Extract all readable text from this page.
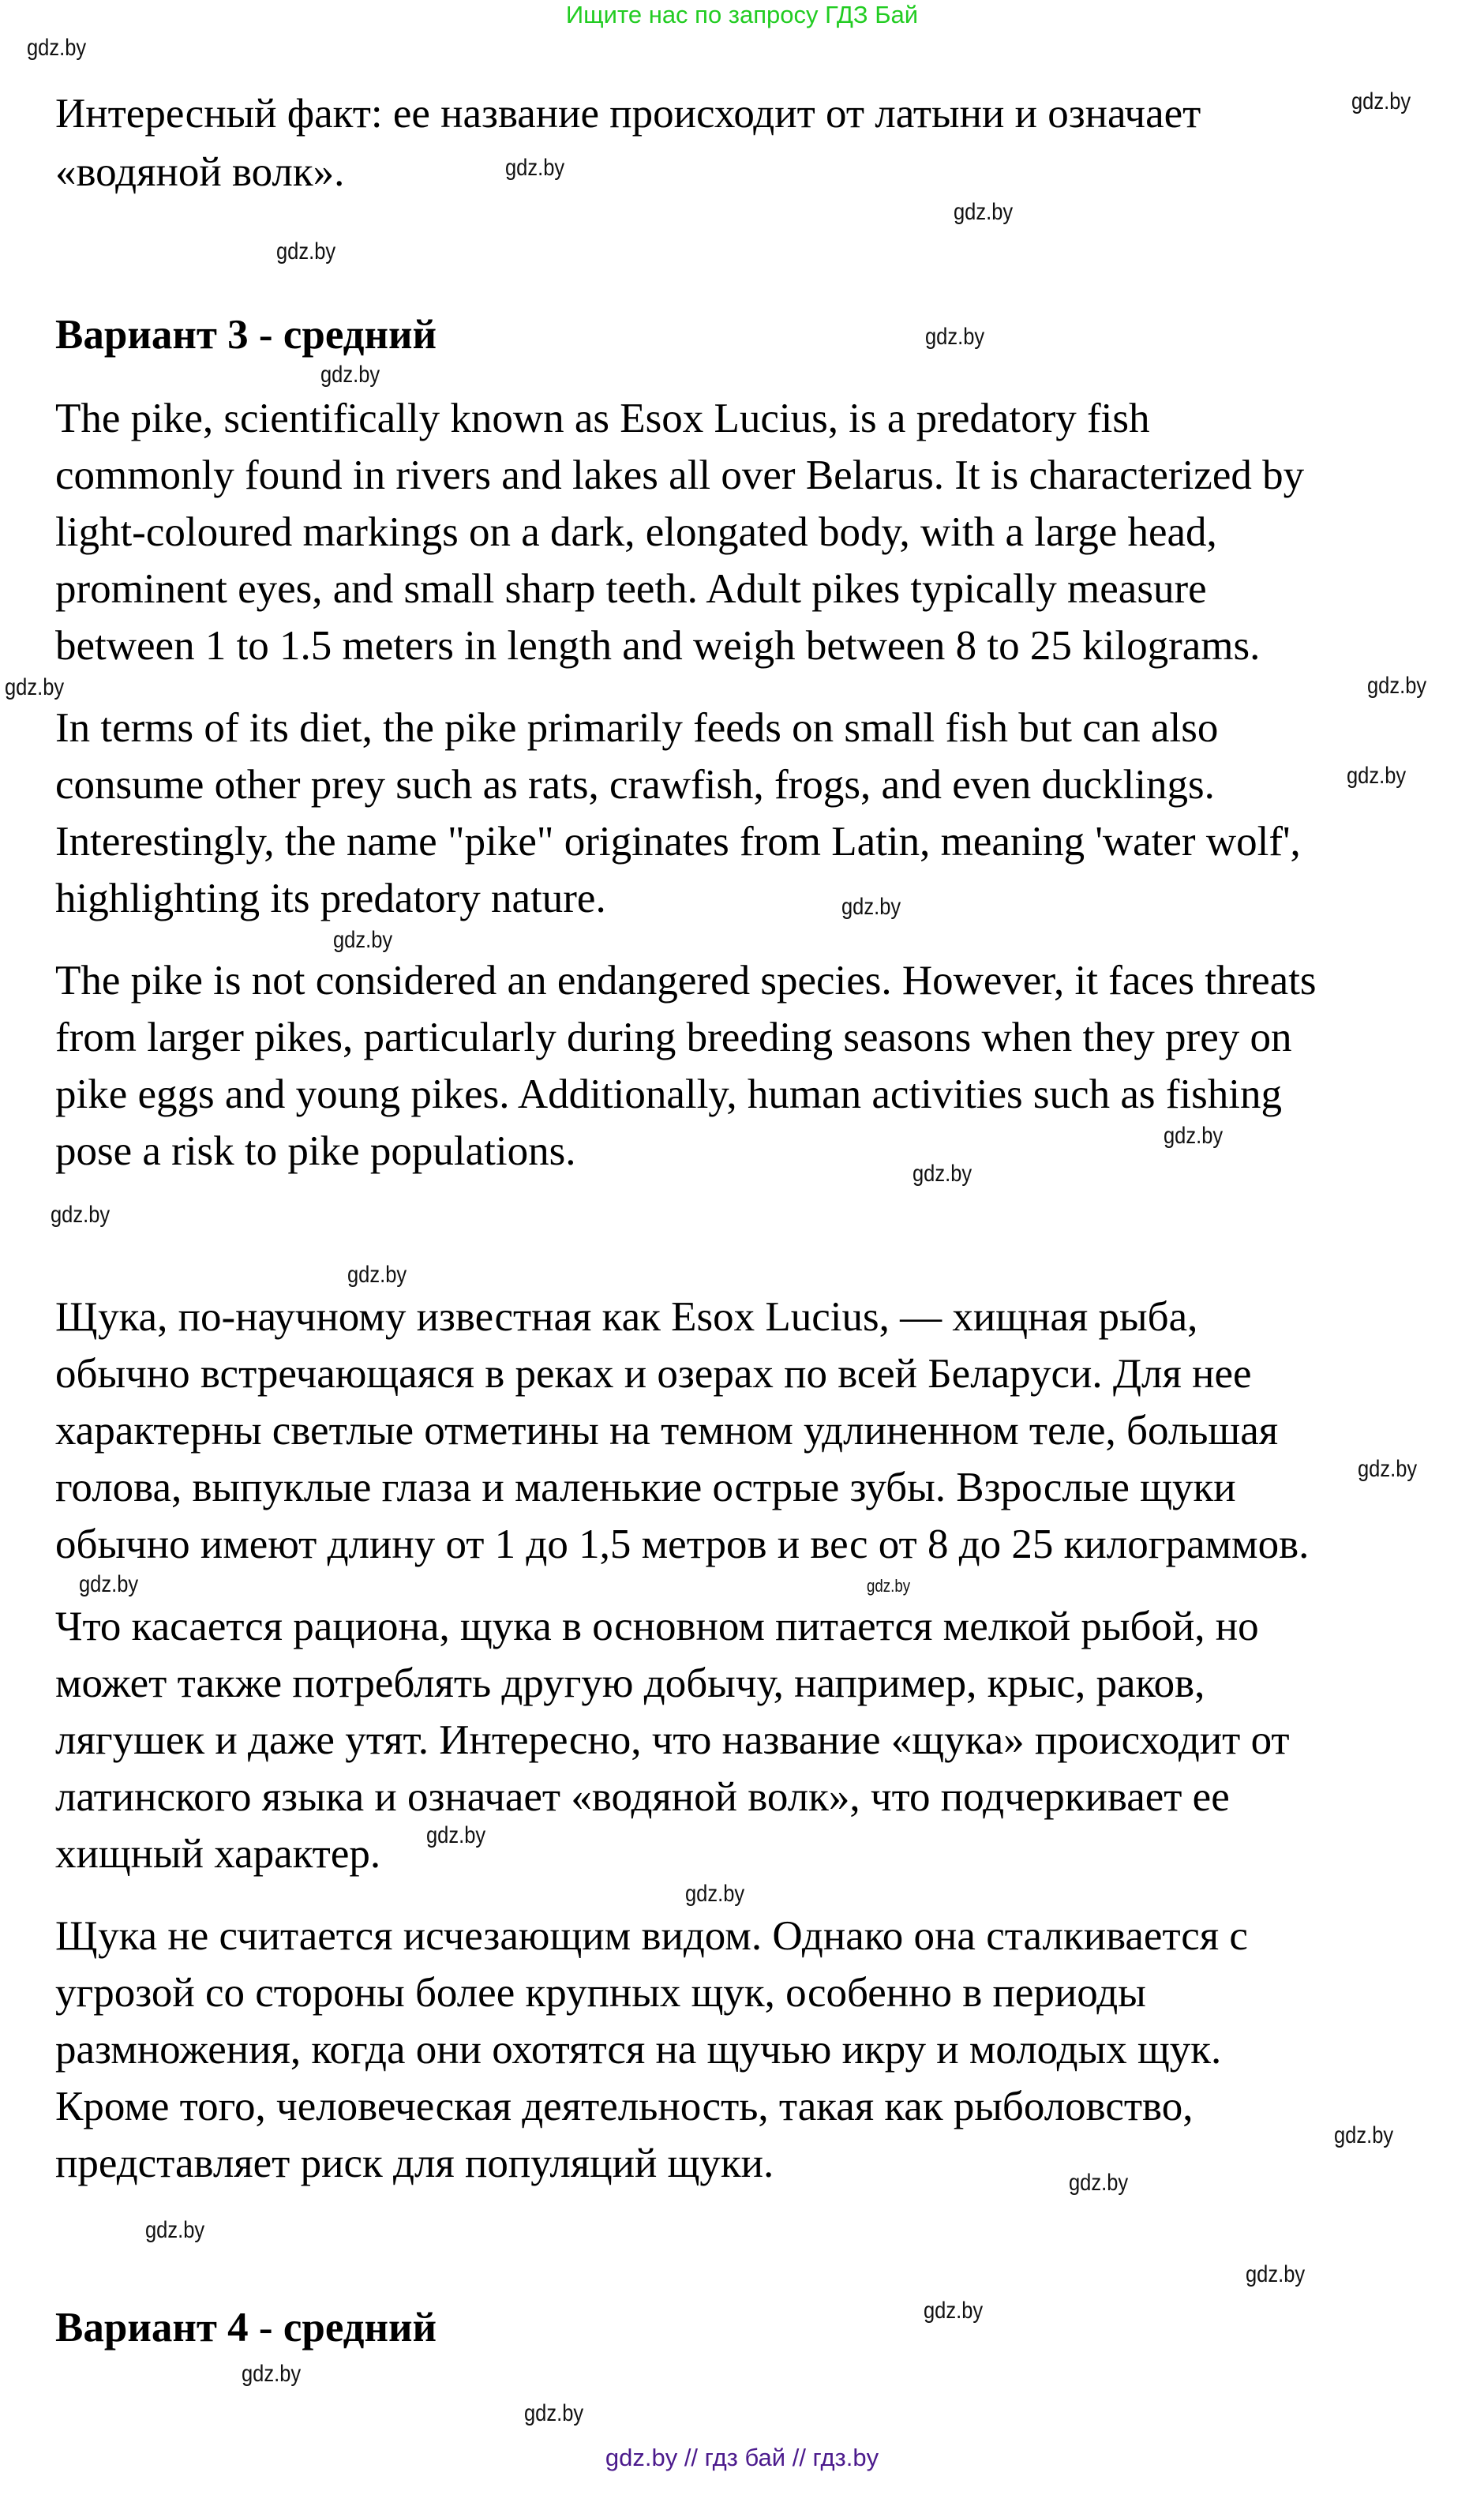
Ищите нас по запросу ГДЗ Бай
Интересный факт: ее название происходит от латыни и означает
«водяной волк».
Вариант 3 - средний
The pike, scientifically known as Esox Lucius, is a predatory fish
commonly found in rivers and lakes all over Belarus. It is characterized by
light-coloured markings on a dark, elongated body, with a large head,
prominent eyes, and small sharp teeth. Adult pikes typically measure
between 1 to 1.5 meters in length and weigh between 8 to 25 kilograms.
In terms of its diet, the pike primarily feeds on small fish but can also
consume other prey such as rats, crawfish, frogs, and even ducklings.
Interestingly, the name "pike" originates from Latin, meaning 'water wolf',
highlighting its predatory nature.
The pike is not considered an endangered species. However, it faces threats
from larger pikes, particularly during breeding seasons when they prey on
pike eggs and young pikes. Additionally, human activities such as fishing
pose a risk to pike populations.
Щука, по-научному известная как Esox Lucius, — хищная рыба,
обычно встречающаяся в реках и озерах по всей Беларуси. Для нее
характерны светлые отметины на темном удлиненном теле, большая
голова, выпуклые глаза и маленькие острые зубы. Взрослые щуки
обычно имеют длину от 1 до 1,5 метров и вес от 8 до 25 килограммов.
Что касается рациона, щука в основном питается мелкой рыбой, но
может также потреблять другую добычу, например, крыс, раков,
лягушек и даже утят. Интересно, что название «щука» происходит от
латинского языка и означает «водяной волк», что подчеркивает ее
хищный характер.
Щука не считается исчезающим видом. Однако она сталкивается с
угрозой со стороны более крупных щук, особенно в периоды
размножения, когда они охотятся на щучью икру и молодых щук.
Кроме того, человеческая деятельность, такая как рыболовство,
представляет риск для популяций щуки.
Вариант 4 - средний
gdz.by
gdz.by
gdz.by
gdz.by
gdz.by
gdz.by
gdz.by
gdz.by
gdz.by
gdz.by
gdz.by
gdz.by
gdz.by
gdz.by
gdz.by
gdz.by
gdz.by
gdz.by
gdz.by
gdz.by
gdz.by
gdz.by
gdz.by
gdz.by
gdz.by
gdz.by
gdz.by
gdz.by
gdz.by // гдз бай // гдз.by
